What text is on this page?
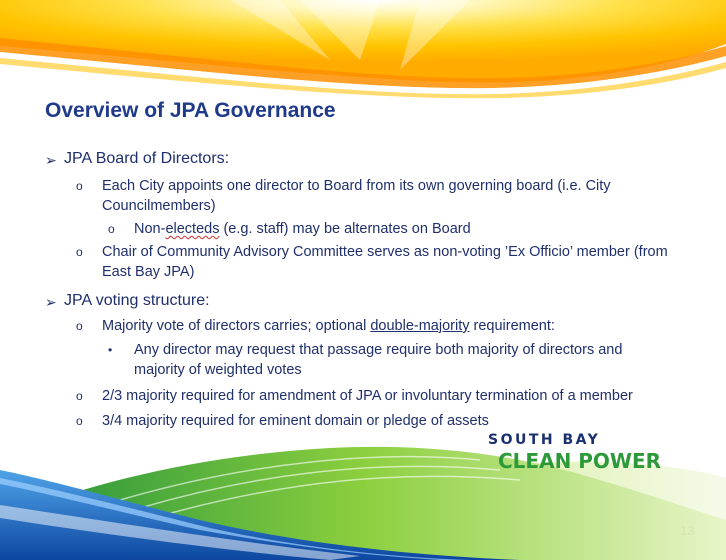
Overview of JPA Governance
➢ JPA Board of Directors:
o Each City appoints one director to Board from its own governing board (i.e. City Councilmembers)
o Non-electeds (e.g. staff) may be alternates on Board
o Chair of Community Advisory Committee serves as non-voting ’Ex Officio’ member (from East Bay JPA)
➢ JPA voting structure:
o Majority vote of directors carries; optional double-majority requirement:
• Any director may request that passage require both majority of directors and majority of weighted votes
o 2/3 majority required for amendment of JPA or involuntary termination of a member
o 3/4 majority required for eminent domain or pledge of assets
SOUTH BAY
CLEAN POWER
13
